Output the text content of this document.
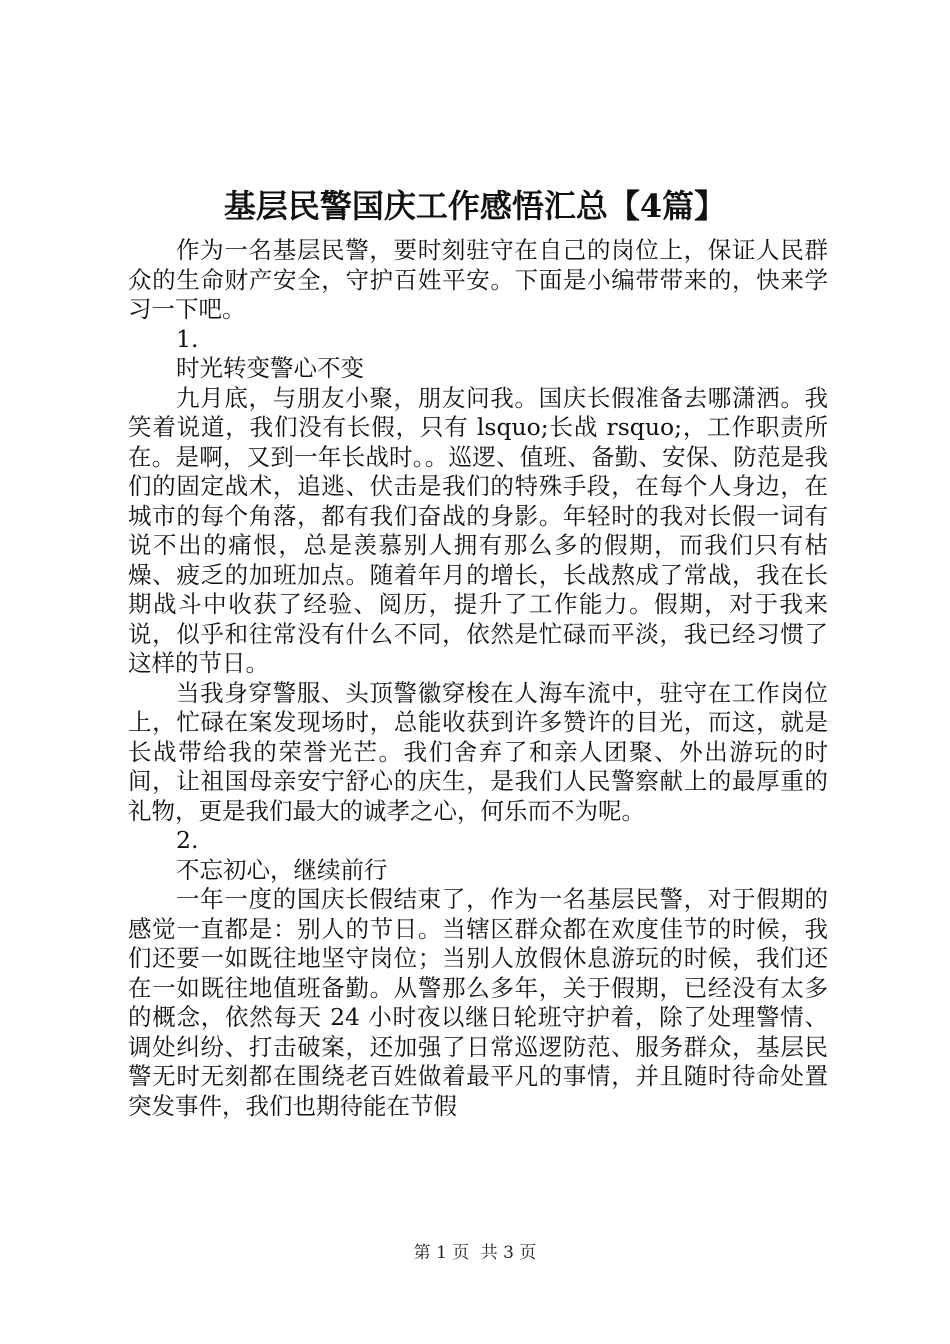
基层民警国庆工作感悟汇总【4篇】

作为一名基层民警，要时刻驻守在自己的岗位上，保证人民群众的生命财产安全，守护百姓平安。下面是小编带带来的，快来学习一下吧。

1.

时光转变警心不变

九月底，与朋友小聚，朋友问我。国庆长假准备去哪潇洒。我笑着说道，我们没有长假，只有 lsquo;长战 rsquo;，工作职责所在。是啊，又到一年长战时。。巡逻、值班、备勤、安保、防范是我们的固定战术，追逃、伏击是我们的特殊手段，在每个人身边，在城市的每个角落，都有我们奋战的身影。年轻时的我对长假一词有说不出的痛恨，总是羡慕别人拥有那么多的假期，而我们只有枯燥、疲乏的加班加点。随着年月的增长，长战熬成了常战，我在长期战斗中收获了经验、阅历，提升了工作能力。假期，对于我来说，似乎和往常没有什么不同，依然是忙碌而平淡，我已经习惯了这样的节日。

当我身穿警服、头顶警徽穿梭在人海车流中，驻守在工作岗位上，忙碌在案发现场时，总能收获到许多赞许的目光，而这，就是长战带给我的荣誉光芒。我们舍弃了和亲人团聚、外出游玩的时间，让祖国母亲安宁舒心的庆生，是我们人民警察献上的最厚重的礼物，更是我们最大的诚孝之心，何乐而不为呢。

2.

不忘初心，继续前行

一年一度的国庆长假结束了，作为一名基层民警，对于假期的感觉一直都是：别人的节日。当辖区群众都在欢度佳节的时候，我们还要一如既往地坚守岗位；当别人放假休息游玩的时候，我们还在一如既往地值班备勤。从警那么多年，关于假期，已经没有太多的概念，依然每天 24 小时夜以继日轮班守护着，除了处理警情、调处纠纷、打击破案，还加强了日常巡逻防范、服务群众，基层民警无时无刻都在围绕老百姓做着最平凡的事情，并且随时待命处置突发事件，我们也期待能在节假

第 1 页 共 3 页
